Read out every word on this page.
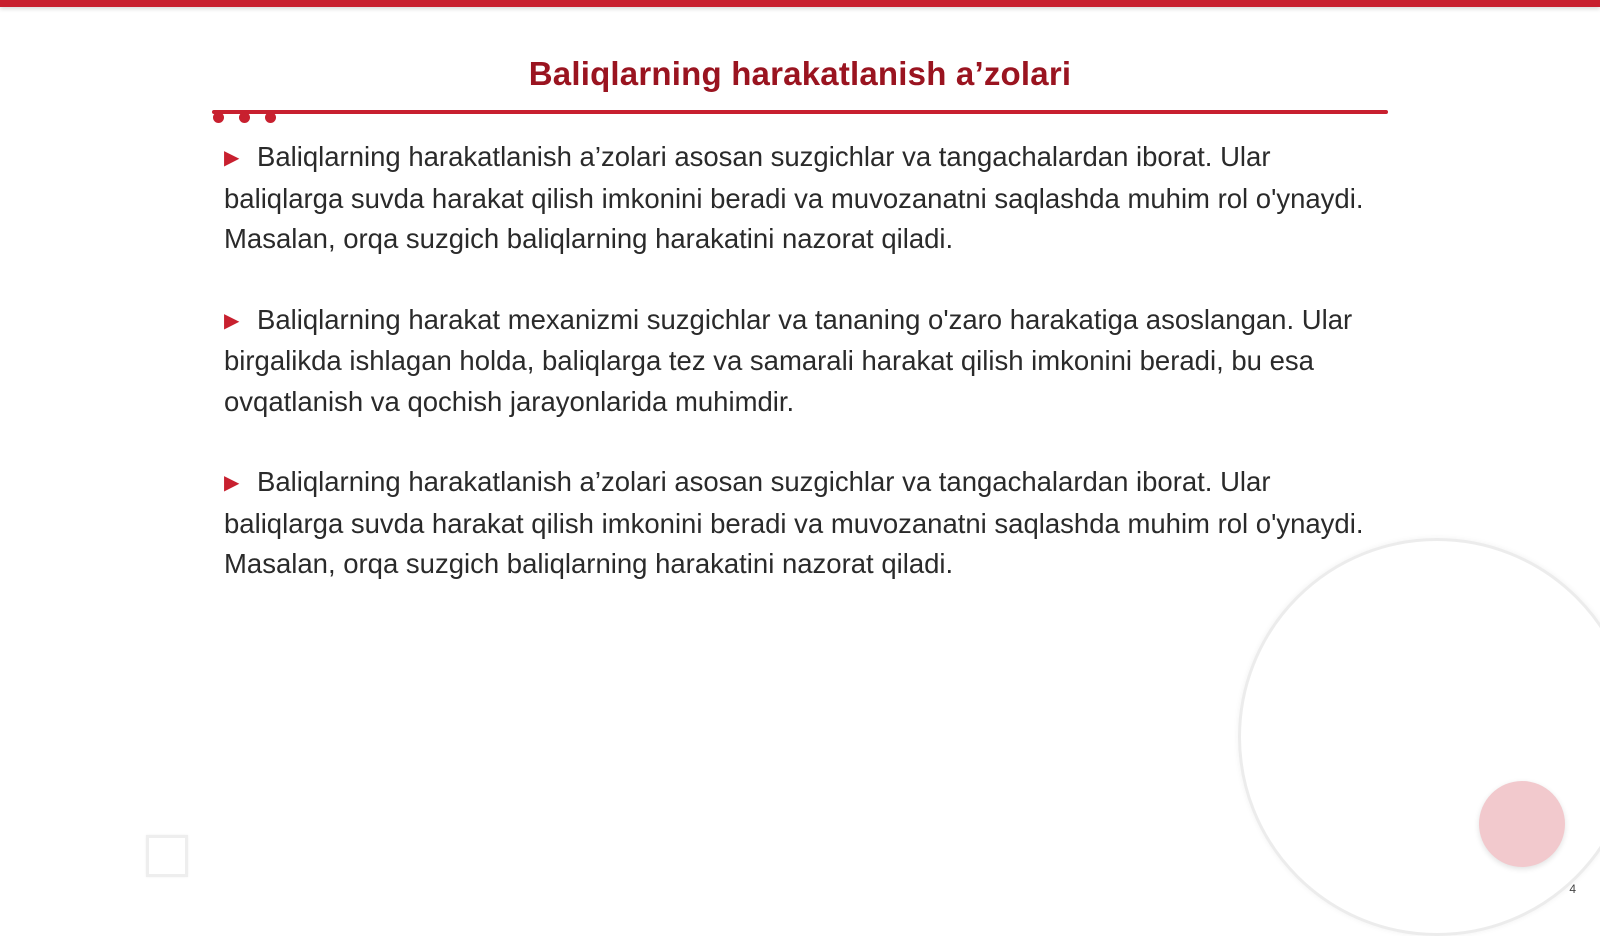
Baliqlarning harakatlanish a’zolari

▶ Baliqlarning harakatlanish a’zolari asosan suzgichlar va tangachalardan iborat. Ular baliqlarga suvda harakat qilish imkonini beradi va muvozanatni saqlashda muhim rol o'ynaydi. Masalan, orqa suzgich baliqlarning harakatini nazorat qiladi.

▶ Baliqlarning harakat mexanizmi suzgichlar va tananing o'zaro harakatiga asoslangan. Ular birgalikda ishlagan holda, baliqlarga tez va samarali harakat qilish imkonini beradi, bu esa ovqatlanish va qochish jarayonlarida muhimdir.

▶ Baliqlarning harakatlanish a’zolari asosan suzgichlar va tangachalardan iborat. Ular baliqlarga suvda harakat qilish imkonini beradi va muvozanatni saqlashda muhim rol o'ynaydi. Masalan, orqa suzgich baliqlarning harakatini nazorat qiladi.

4
